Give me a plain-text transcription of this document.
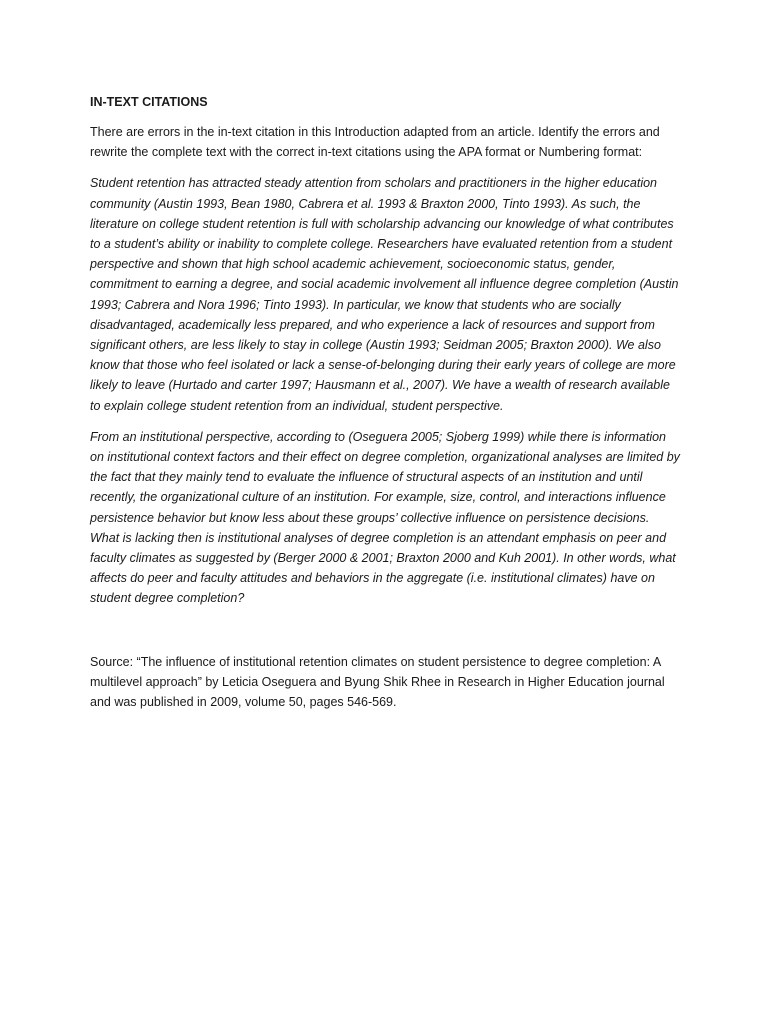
IN-TEXT CITATIONS

There are errors in the in-text citation in this Introduction adapted from an article. Identify the errors and rewrite the complete text with the correct in-text citations using the APA format or Numbering format:

Student retention has attracted steady attention from scholars and practitioners in the higher education community (Austin 1993, Bean 1980, Cabrera et al. 1993 & Braxton 2000, Tinto 1993). As such, the literature on college student retention is full with scholarship advancing our knowledge of what contributes to a student’s ability or inability to complete college. Researchers have evaluated retention from a student perspective and shown that high school academic achievement, socioeconomic status, gender, commitment to earning a degree, and social academic involvement all influence degree completion (Austin 1993; Cabrera and Nora 1996; Tinto 1993). In particular, we know that students who are socially disadvantaged, academically less prepared, and who experience a lack of resources and support from significant others, are less likely to stay in college (Austin 1993; Seidman 2005; Braxton 2000). We also know that those who feel isolated or lack a sense-of-belonging during their early years of college are more likely to leave (Hurtado and carter 1997; Hausmann et al., 2007). We have a wealth of research available to explain college student retention from an individual, student perspective.

From an institutional perspective, according to (Oseguera 2005; Sjoberg 1999) while there is information on institutional context factors and their effect on degree completion, organizational analyses are limited by the fact that they mainly tend to evaluate the influence of structural aspects of an institution and until recently, the organizational culture of an institution. For example, size, control, and interactions influence persistence behavior but know less about these groups’ collective influence on persistence decisions. What is lacking then is institutional analyses of degree completion is an attendant emphasis on peer and faculty climates as suggested by (Berger 2000 & 2001; Braxton 2000 and Kuh 2001). In other words, what affects do peer and faculty attitudes and behaviors in the aggregate (i.e. institutional climates) have on student degree completion?

Source: “The influence of institutional retention climates on student persistence to degree completion: A multilevel approach” by Leticia Oseguera and Byung Shik Rhee in Research in Higher Education journal and was published in 2009, volume 50, pages 546-569.
